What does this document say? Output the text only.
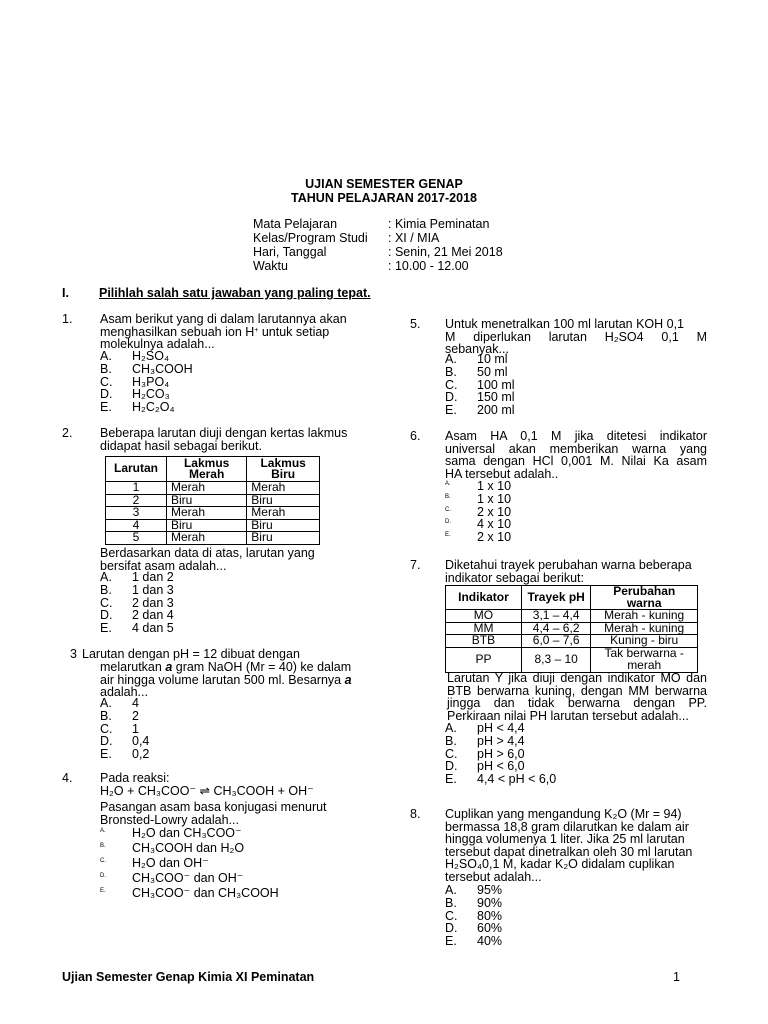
UJIAN SEMESTER GENAP
TAHUN PELAJARAN 2017-2018
Mata Pelajaran	: Kimia Peminatan
Kelas/Program Studi : XI / MIA
Hari, Tanggal	: Senin, 21 Mei 2018
Waktu	: 10.00 - 12.00
I. Pilihlah salah satu jawaban yang paling tepat.
1. Asam berikut yang di dalam larutannya akan
menghasilkan sebuah ion H+ untuk setiap
molekulnya adalah...
A. H₂SO₄
B. CH₃COOH
C. H₃PO₄
D. H₂CO₃
E. H₂C₂O₄
2. Beberapa larutan diuji dengan kertas lakmus
didapat hasil sebagai berikut.
Larutan	Lakmus Merah	Lakmus Biru
1	Merah	Merah
2	Biru	Biru
3	Merah	Merah
4	Biru	Biru
5	Merah	Biru
Berdasarkan data di atas, larutan yang
bersifat asam adalah...
A. 1 dan 2
B. 1 dan 3
C. 2 dan 3
D. 2 dan 4
E. 4 dan 5
3 Larutan dengan pH = 12 dibuat dengan
melarutkan a gram NaOH (Mr = 40) ke dalam
air hingga volume larutan 500 ml. Besarnya a
adalah...
A. 4
B. 2
C. 1
D. 0,4
E. 0,2
4. Pada reaksi:
H₂O + CH₃COO⁻ ⇌ CH₃COOH + OH⁻
Pasangan asam basa konjugasi menurut
Bronsted-Lowry adalah...
A. H₂O dan CH₃COO⁻
B. CH₃COOH dan H₂O
C. H₂O dan OH⁻
D. CH₃COO⁻ dan OH⁻
E. CH₃COO⁻ dan CH₃COOH
5. Untuk menetralkan 100 ml larutan KOH 0,1
M diperlukan larutan H₂SO4 0,1 M
sebanyak...
A. 10 ml
B. 50 ml
C. 100 ml
D. 150 ml
E. 200 ml
6. Asam HA 0,1 M jika ditetesi indikator
universal akan memberikan warna yang
sama dengan HCl 0,001 M. Nilai Ka asam
HA tersebut adalah..
A. 1 x 10
B. 1 x 10
C. 2 x 10
D. 4 x 10
E. 2 x 10
7. Diketahui trayek perubahan warna beberapa
indikator sebagai berikut:
Indikator	Trayek pH	Perubahan warna
MO	3,1 – 4,4	Merah - kuning
MM	4,4 – 6,2	Merah - kuning
BTB	6,0 – 7,6	Kuning - biru
PP	8,3 – 10	Tak berwarna - merah
Larutan Y jika diuji dengan indikator MO dan
BTB berwarna kuning, dengan MM berwarna
jingga dan tidak berwarna dengan PP.
Perkiraan nilai PH larutan tersebut adalah...
A. pH < 4,4
B. pH > 4,4
C. pH > 6,0
D. pH < 6,0
E. 4,4 < pH < 6,0
8. Cuplikan yang mengandung K₂O (Mr = 94)
bermassa 18,8 gram dilarutkan ke dalam air
hingga volumenya 1 liter. Jika 25 ml larutan
tersebut dapat dinetralkan oleh 30 ml larutan
H₂SO₄0,1 M, kadar K₂O didalam cuplikan
tersebut adalah...
A. 95%
B. 90%
C. 80%
D. 60%
E. 40%
Ujian Semester Genap Kimia XI Peminatan	1
